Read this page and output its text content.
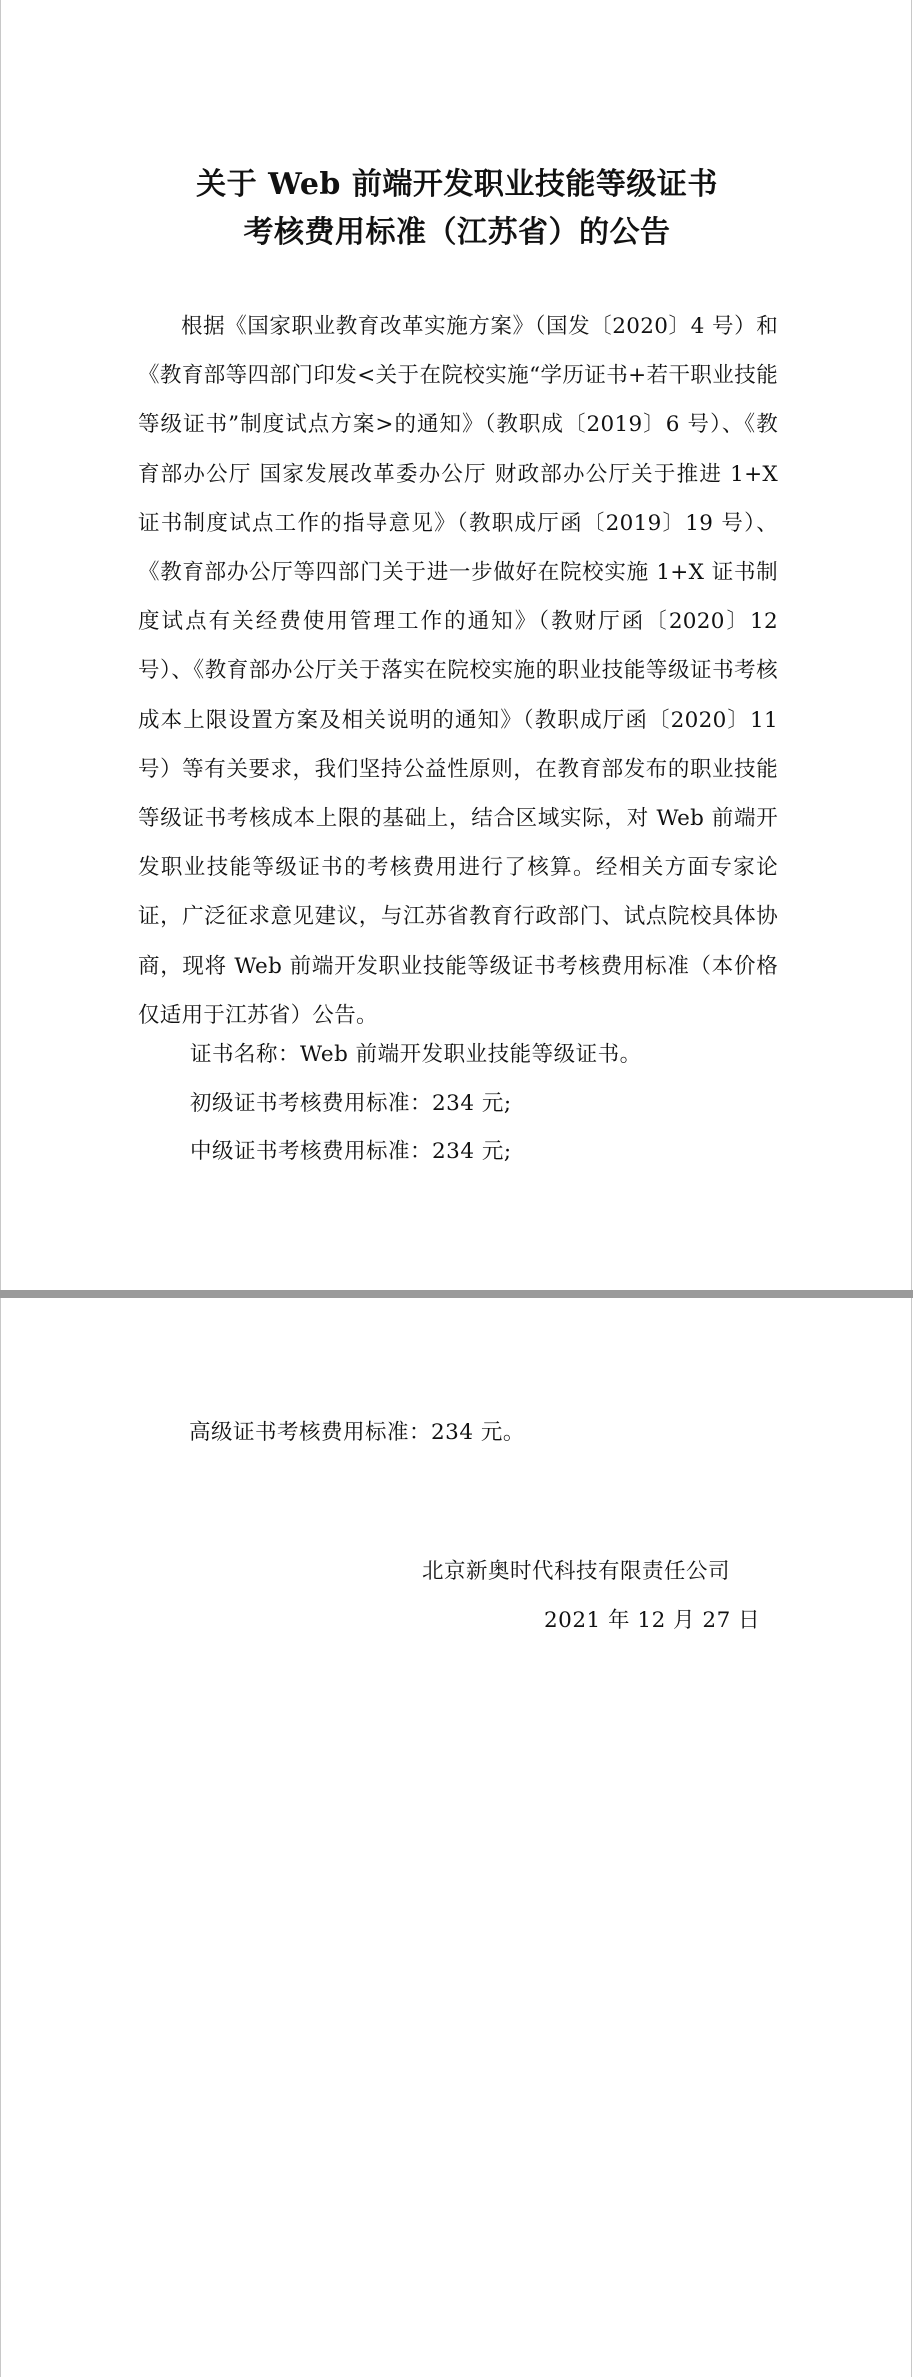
关于 Web 前端开发职业技能等级证书
考核费用标准（江苏省）的公告

根据《国家职业教育改革实施方案》（国发〔2020〕4 号）和《教育部等四部门印发<关于在院校实施“学历证书+若干职业技能等级证书”制度试点方案>的通知》（教职成〔2019〕6 号）、《教育部办公厅 国家发展改革委办公厅 财政部办公厅关于推进 1+X 证书制度试点工作的指导意见》（教职成厅函〔2019〕19 号）、《教育部办公厅等四部门关于进一步做好在院校实施 1+X 证书制度试点有关经费使用管理工作的通知》（教财厅函〔2020〕12 号）、《教育部办公厅关于落实在院校实施的职业技能等级证书考核成本上限设置方案及相关说明的通知》（教职成厅函〔2020〕11 号）等有关要求，我们坚持公益性原则，在教育部发布的职业技能等级证书考核成本上限的基础上，结合区域实际，对 Web 前端开发职业技能等级证书的考核费用进行了核算。经相关方面专家论证，广泛征求意见建议，与江苏省教育行政部门、试点院校具体协商，现将 Web 前端开发职业技能等级证书考核费用标准（本价格仅适用于江苏省）公告。

证书名称：Web 前端开发职业技能等级证书。
初级证书考核费用标准：234 元;
中级证书考核费用标准：234 元;
高级证书考核费用标准：234 元。
北京新奥时代科技有限责任公司
2021 年 12 月 27 日
